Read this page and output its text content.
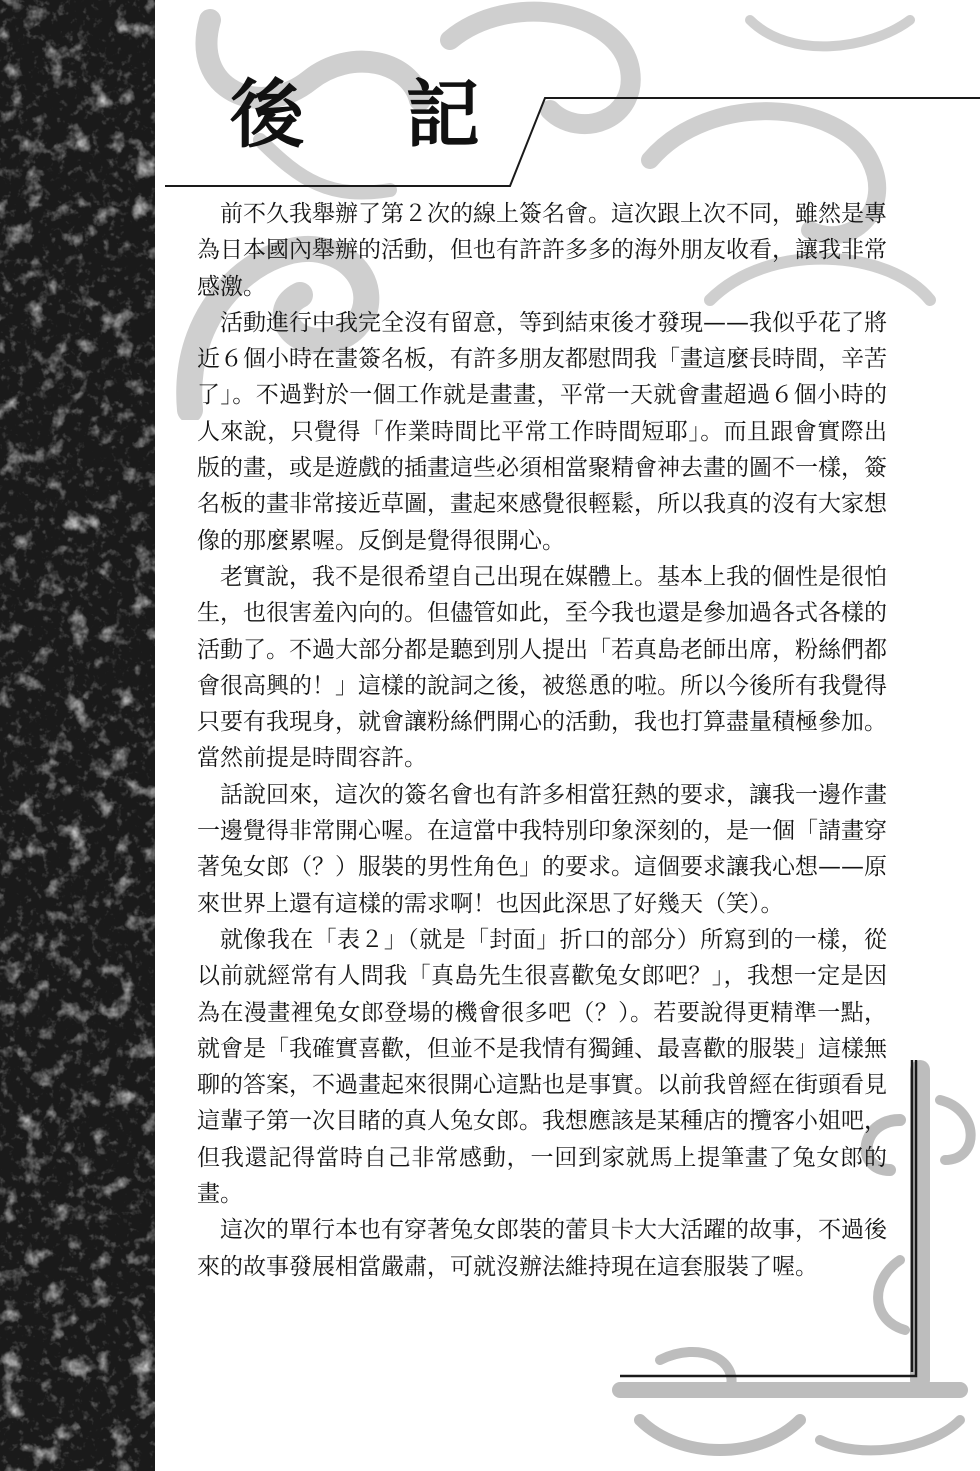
後 記

前不久我舉辦了第２次的線上簽名會。這次跟上次不同，雖然是專為日本國內舉辦的活動，但也有許許多多的海外朋友收看，讓我非常感激。

活動進行中我完全沒有留意，等到結束後才發現——我似乎花了將近６個小時在畫簽名板，有許多朋友都慰問我「畫這麼長時間，辛苦了」。不過對於一個工作就是畫畫，平常一天就會畫超過６個小時的人來說，只覺得「作業時間比平常工作時間短耶」。而且跟會實際出版的畫，或是遊戲的插畫這些必須相當聚精會神去畫的圖不一樣，簽名板的畫非常接近草圖，畫起來感覺很輕鬆，所以我真的沒有大家想像的那麼累喔。反倒是覺得很開心。

老實說，我不是很希望自己出現在媒體上。基本上我的個性是很怕生，也很害羞內向的。但儘管如此，至今我也還是參加過各式各樣的活動了。不過大部分都是聽到別人提出「若真島老師出席，粉絲們都會很高興的！」這樣的說詞之後，被慫恿的啦。所以今後所有我覺得只要有我現身，就會讓粉絲們開心的活動，我也打算盡量積極參加。當然前提是時間容許。

話說回來，這次的簽名會也有許多相當狂熱的要求，讓我一邊作畫一邊覺得非常開心喔。在這當中我特別印象深刻的，是一個「請畫穿著兔女郎（？）服裝的男性角色」的要求。這個要求讓我心想——原來世界上還有這樣的需求啊！也因此深思了好幾天（笑）。

就像我在「表２」（就是「封面」折口的部分）所寫到的一樣，從以前就經常有人問我「真島先生很喜歡兔女郎吧？」，我想一定是因為在漫畫裡兔女郎登場的機會很多吧（？）。若要說得更精準一點，就會是「我確實喜歡，但並不是我情有獨鍾、最喜歡的服裝」這樣無聊的答案，不過畫起來很開心這點也是事實。以前我曾經在街頭看見這輩子第一次目睹的真人兔女郎。我想應該是某種店的攬客小姐吧，但我還記得當時自己非常感動，一回到家就馬上提筆畫了兔女郎的畫。

這次的單行本也有穿著兔女郎裝的蕾貝卡大大活躍的故事，不過後來的故事發展相當嚴肅，可就沒辦法維持現在這套服裝了喔。
